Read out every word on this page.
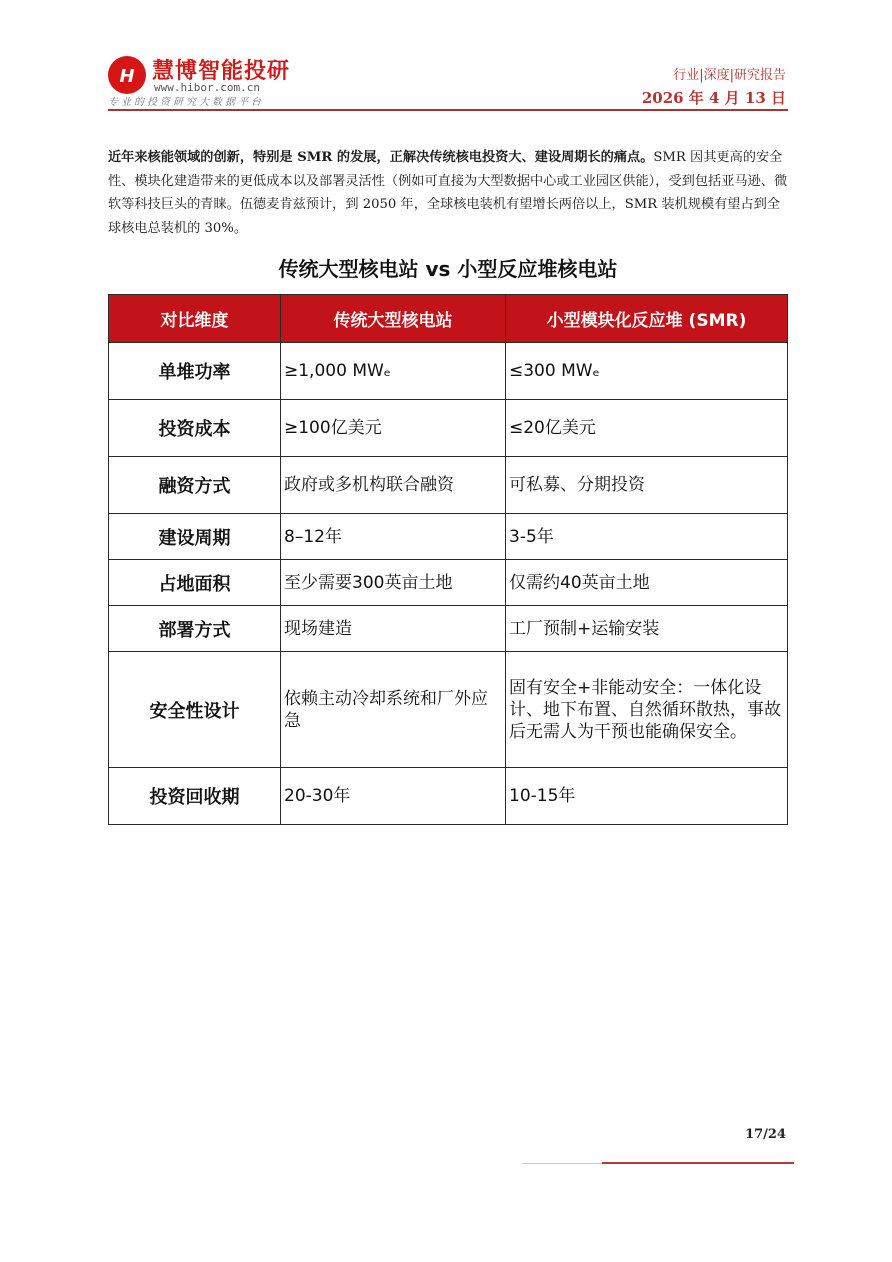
H 慧博智能投研
www.hibor.com.cn
专业的投资研究大数据平台
行业|深度|研究报告
2026 年 4 月 13 日
近年来核能领域的创新，特别是 SMR 的发展，正解决传统核电投资大、建设周期长的痛点。SMR 因其更高的安全性、模块化建造带来的更低成本以及部署灵活性（例如可直接为大型数据中心或工业园区供能），受到包括亚马逊、微软等科技巨头的青睐。伍德麦肯兹预计，到 2050 年，全球核电装机有望增长两倍以上，SMR 装机规模有望占到全球核电总装机的 30%。
传统大型核电站 vs 小型反应堆核电站
对比维度	传统大型核电站	小型模块化反应堆 (SMR)
单堆功率	≥1,000 MWₑ	≤300 MWₑ
投资成本	≥100亿美元	≤20亿美元
融资方式	政府或多机构联合融资	可私募、分期投资
建设周期	8–12年	3-5年
占地面积	至少需要300英亩土地	仅需约40英亩土地
部署方式	现场建造	工厂预制+运输安装
安全性设计	依赖主动冷却系统和厂外应急	固有安全+非能动安全：一体化设计、地下布置、自然循环散热，事故后无需人为干预也能确保安全。
投资回收期	20-30年	10-15年
17/24
